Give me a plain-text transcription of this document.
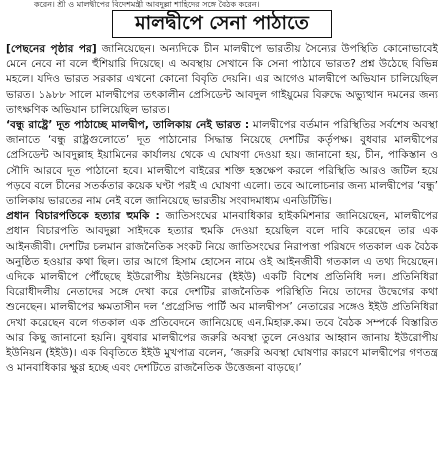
করেন। শ্রী ও মালদ্বীপের বিদেশমন্ত্রী আবদুল্লা শাহিদের সঙ্গে বৈঠক করেন।
মালদ্বীপে সেনা পাঠাতে

[পেছনের পৃষ্ঠার পর] জানিয়েছেন। অন্যদিকে চীন মালদ্বীপে ভারতীয় সৈন্যের উপস্থিতি কোনোভাবেই মেনে নেবে না বলে হুঁশিয়ারি দিয়েছে। এ অবস্থায় সেখানে কি সেনা পাঠাবে ভারত? প্রশ্ন উঠেছে বিভিন্ন মহলে। যদিও ভারত সরকার এখনো কোনো বিবৃতি দেয়নি। এর আগেও মালদ্বীপে অভিযান চালিয়েছিল ভারত। ১৯৮৮ সালে মালদ্বীপের তৎকালীন প্রেসিডেন্ট আবদুল গাইয়ুমের বিরুদ্ধে অভ্যুত্থান দমনের জন্য তাৎক্ষণিক অভিযান চালিয়েছিল ভারত।

‘বন্ধু রাষ্ট্রে’ দূত পাঠাচ্ছে মালদ্বীপ, তালিকায় নেই ভারত : মালদ্বীপের বর্তমান পরিস্থিতির সর্বশেষ অবস্থা জানাতে ‘বন্ধু রাষ্ট্রগুলোতে’ দূত পাঠানোর সিদ্ধান্ত নিয়েছে দেশটির কর্তৃপক্ষ। বুধবার মালদ্বীপের প্রেসিডেন্ট আবদুল্লাহ ইয়ামিনের কার্যালয় থেকে এ ঘোষণা দেওয়া হয়। জানানো হয়, চীন, পাকিস্তান ও সৌদি আরবে দূত পাঠানো হবে। মালদ্বীপে বাইরের শক্তি হস্তক্ষেপ করলে পরিস্থিতি আরও জটিল হয়ে পড়বে বলে চীনের সতর্কতার কয়েক ঘণ্টা পরই এ ঘোষণা এলো। তবে আলোচনার জন্য মালদ্বীপের ‘বন্ধু’ তালিকায় ভারতের নাম নেই বলে জানিয়েছে ভারতীয় সংবাদমাধ্যম এনডিটিভি।

প্রধান বিচারপতিকে হত্যার হুমকি : জাতিসংঘের মানবাধিকার হাইকমিশনার জানিয়েছেন, মালদ্বীপের প্রধান বিচারপতি আবদুল্লা সাইদকে হত্যার হুমকি দেওয়া হয়েছিল বলে দাবি করেছেন তার এক আইনজীবী। দেশটির চলমান রাজনৈতিক সংকট নিয়ে জাতিসংঘের নিরাপত্তা পরিষদে গতকাল এক বৈঠক অনুষ্ঠিত হওয়ার কথা ছিল। তার আগে হিসাম হোসেন নামে ওই আইনজীবী গতকাল এ তথ্য দিয়েছেন। এদিকে মালদ্বীপে পৌঁছেছে ইউরোপীয় ইউনিয়নের (ইইউ) একটি বিশেষ প্রতিনিধি দল। প্রতিনিধিরা বিরোধীদলীয় নেতাদের সঙ্গে দেখা করে দেশটির রাজনৈতিক পরিস্থিতি নিয়ে তাদের উদ্বেগের কথা শুনেছেন। মালদ্বীপের ক্ষমতাসীন দল ‘প্রগ্রেসিভ পার্টি অব মালদ্বীপস’ নেতারের সঙ্গেও ইইউ প্রতিনিধিরা দেখা করেছেন বলে গতকাল এক প্রতিবেদনে জানিয়েছে এন.মিহারু.কম। তবে বৈঠক সম্পর্কে বিস্তারিত আর কিছু জানানো হয়নি। বুধবার মালদ্বীপের জরুরি অবস্থা তুলে নেওয়ার আহ্বান জানায় ইউরোপীয় ইউনিয়ন (ইইউ)। এক বিবৃতিতে ইইউ মুখপাত্র বলেন, ‘জরুরি অবস্থা ঘোষণার কারণে মালদ্বীপের গণতন্ত্র ও মানবাধিকার ক্ষুণ্ণ হচ্ছে এবং দেশটিতে রাজনৈতিক উত্তেজনা বাড়ছে।’
